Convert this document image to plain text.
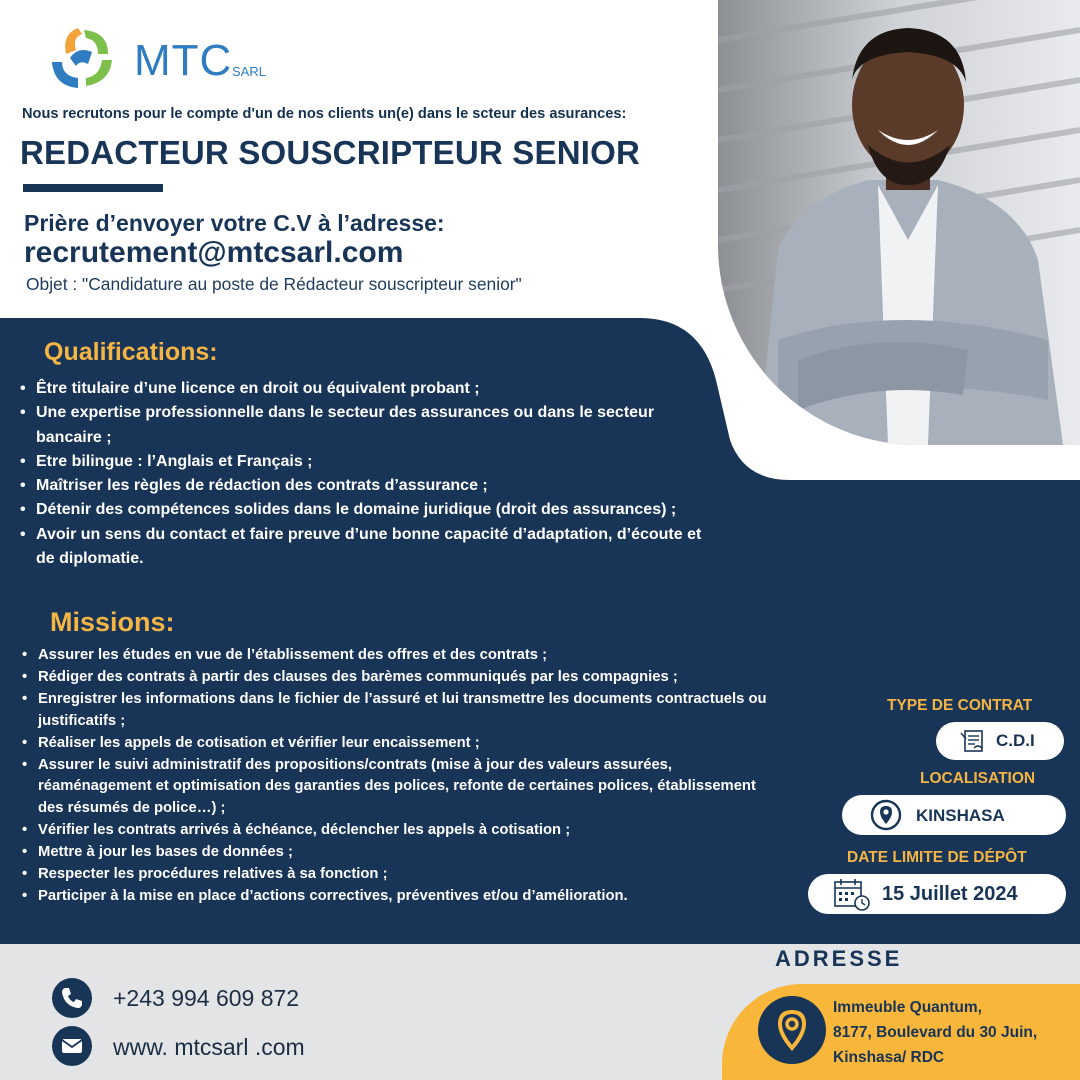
MTC SARL
Nous recrutons pour le compte d'un de nos clients un(e) dans le scteur des asurances:
REDACTEUR SOUSCRIPTEUR SENIOR
Prière d’envoyer votre C.V à l’adresse:
recrutement@mtcsarl.com
Objet : "Candidature au poste de Rédacteur souscripteur senior"
Qualifications:
• Être titulaire d’une licence en droit ou équivalent probant ;
• Une expertise professionnelle dans le secteur des assurances ou dans le secteur bancaire ;
• Etre bilingue : l’Anglais et Français ;
• Maîtriser les règles de rédaction des contrats d’assurance ;
• Détenir des compétences solides dans le domaine juridique (droit des assurances) ;
• Avoir un sens du contact et faire preuve d’une bonne capacité d’adaptation, d’écoute et de diplomatie.
Missions:
• Assurer les études en vue de l’établissement des offres et des contrats ;
• Rédiger des contrats à partir des clauses des barèmes communiqués par les compagnies ;
• Enregistrer les informations dans le fichier de l’assuré et lui transmettre les documents contractuels ou justificatifs ;
• Réaliser les appels de cotisation et vérifier leur encaissement ;
• Assurer le suivi administratif des propositions/contrats (mise à jour des valeurs assurées, réaménagement et optimisation des garanties des polices, refonte de certaines polices, établissement des résumés de police…) ;
• Vérifier les contrats arrivés à échéance, déclencher les appels à cotisation ;
• Mettre à jour les bases de données ;
• Respecter les procédures relatives à sa fonction ;
• Participer à la mise en place d’actions correctives, préventives et/ou d’amélioration.
TYPE DE CONTRAT
C.D.I
LOCALISATION
KINSHASA
DATE LIMITE DE DÉPÔT
15 Juillet 2024
+243 994 609 872
www. mtcsarl .com
ADRESSE
Immeuble Quantum,
8177, Boulevard du 30 Juin,
Kinshasa/ RDC
